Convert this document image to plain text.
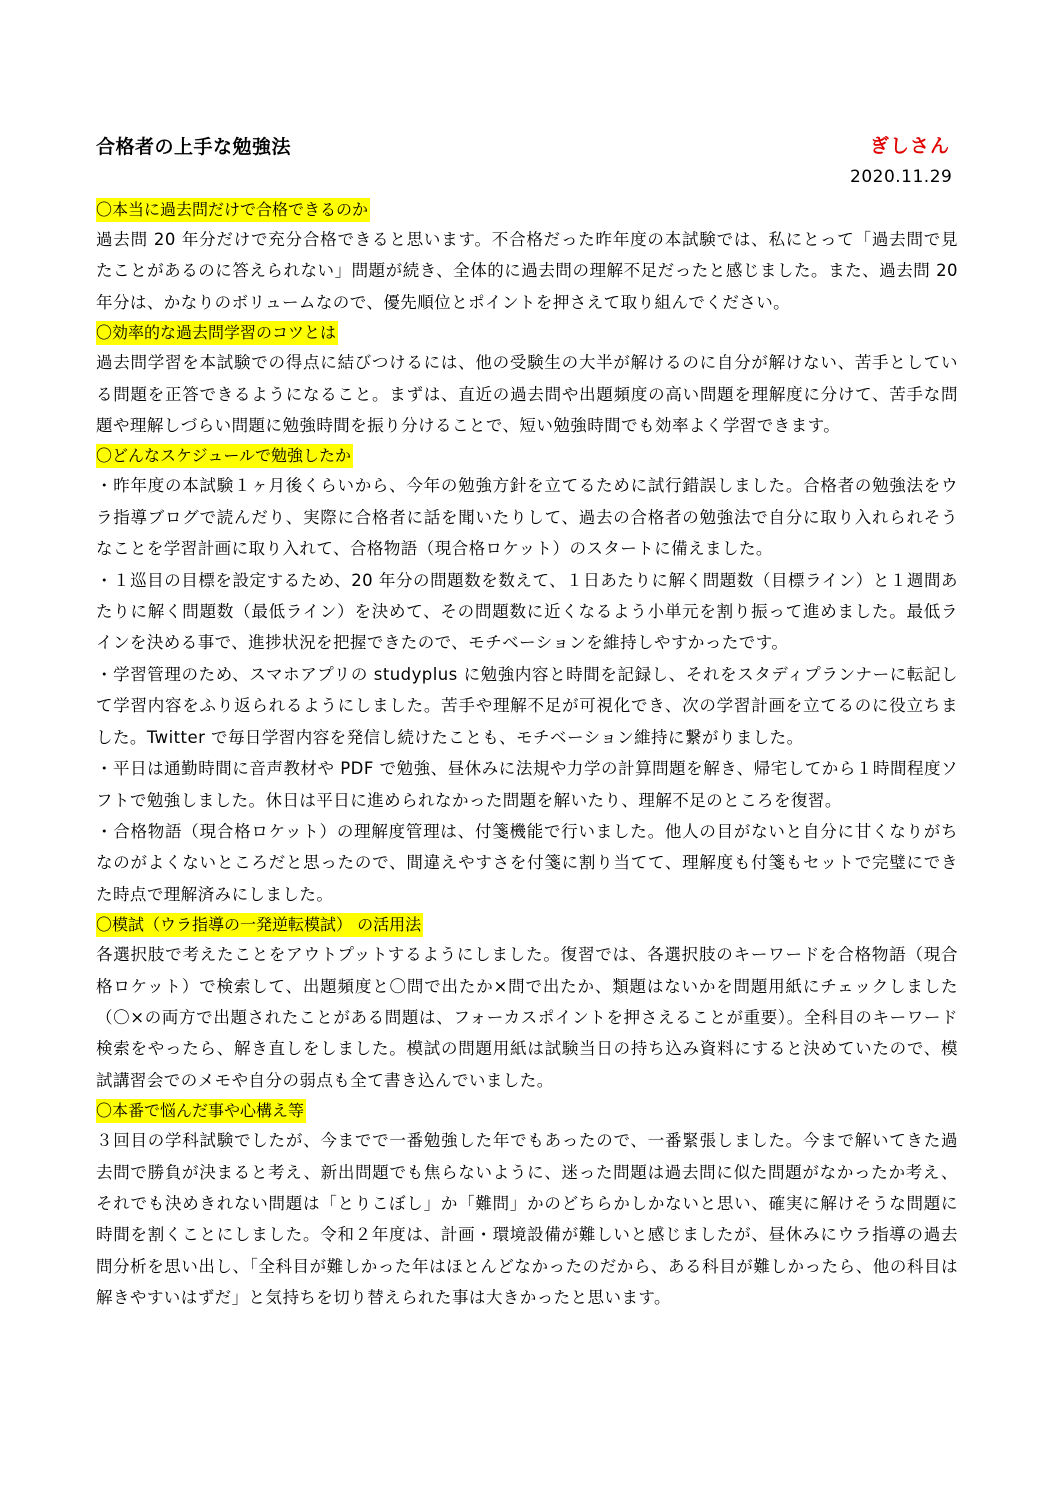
合格者の上手な勉強法	ぎしさん
2020.11.29
〇本当に過去問だけで合格できるのか

過去問 20 年分だけで充分合格できると思います。不合格だった昨年度の本試験では、私にとって「過去問で見たことがあるのに答えられない」問題が続き、全体的に過去問の理解不足だったと感じました。また、過去問 20 年分は、かなりのボリュームなので、優先順位とポイントを押さえて取り組んでください。

〇効率的な過去問学習のコツとは

過去問学習を本試験での得点に結びつけるには、他の受験生の大半が解けるのに自分が解けない、苦手としている問題を正答できるようになること。まずは、直近の過去問や出題頻度の高い問題を理解度に分けて、苦手な問題や理解しづらい問題に勉強時間を振り分けることで、短い勉強時間でも効率よく学習できます。

〇どんなスケジュールで勉強したか

・昨年度の本試験１ヶ月後くらいから、今年の勉強方針を立てるために試行錯誤しました。合格者の勉強法をウラ指導ブログで読んだり、実際に合格者に話を聞いたりして、過去の合格者の勉強法で自分に取り入れられそうなことを学習計画に取り入れて、合格物語（現合格ロケット）のスタートに備えました。

・１巡目の目標を設定するため、20 年分の問題数を数えて、１日あたりに解く問題数（目標ライン）と１週間あたりに解く問題数（最低ライン）を決めて、その問題数に近くなるよう小単元を割り振って進めました。最低ラインを決める事で、進捗状況を把握できたので、モチベーションを維持しやすかったです。

・学習管理のため、スマホアプリの studyplus に勉強内容と時間を記録し、それをスタディプランナーに転記して学習内容をふり返られるようにしました。苦手や理解不足が可視化でき、次の学習計画を立てるのに役立ちました。Twitter で毎日学習内容を発信し続けたことも、モチベーション維持に繋がりました。

・平日は通勤時間に音声教材や PDF で勉強、昼休みに法規や力学の計算問題を解き、帰宅してから１時間程度ソフトで勉強しました。休日は平日に進められなかった問題を解いたり、理解不足のところを復習。

・合格物語（現合格ロケット）の理解度管理は、付箋機能で行いました。他人の目がないと自分に甘くなりがちなのがよくないところだと思ったので、間違えやすさを付箋に割り当てて、理解度も付箋もセットで完璧にできた時点で理解済みにしました。

〇模試（ウラ指導の一発逆転模試） の活用法

各選択肢で考えたことをアウトプットするようにしました。復習では、各選択肢のキーワードを合格物語（現合格ロケット）で検索して、出題頻度と〇問で出たか×問で出たか、類題はないかを問題用紙にチェックしました（〇×の両方で出題されたことがある問題は、フォーカスポイントを押さえることが重要）。全科目のキーワード検索をやったら、解き直しをしました。模試の問題用紙は試験当日の持ち込み資料にすると決めていたので、模試講習会でのメモや自分の弱点も全て書き込んでいました。

〇本番で悩んだ事や心構え等

３回目の学科試験でしたが、今までで一番勉強した年でもあったので、一番緊張しました。今まで解いてきた過去問で勝負が決まると考え、新出問題でも焦らないように、迷った問題は過去問に似た問題がなかったか考え、それでも決めきれない問題は「とりこぼし」か「難問」かのどちらかしかないと思い、確実に解けそうな問題に時間を割くことにしました。令和２年度は、計画・環境設備が難しいと感じましたが、昼休みにウラ指導の過去問分析を思い出し、「全科目が難しかった年はほとんどなかったのだから、ある科目が難しかったら、他の科目は解きやすいはずだ」と気持ちを切り替えられた事は大きかったと思います。
